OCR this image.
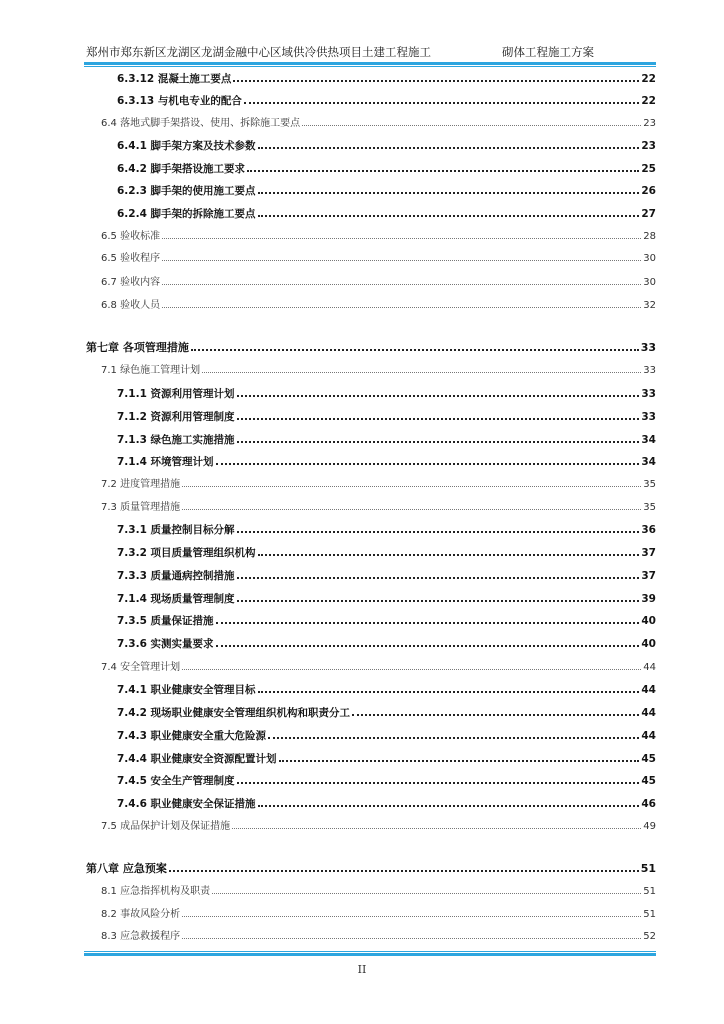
郑州市郑东新区龙湖区龙湖金融中心区域供冷供热项目土建工程施工	砌体工程施工方案
6.3.12 混凝土施工要点	22
6.3.13 与机电专业的配合	22
6.4 落地式脚手架搭设、使用、拆除施工要点	23
6.4.1 脚手架方案及技术参数	23
6.4.2 脚手架搭设施工要求	25
6.2.3 脚手架的使用施工要点	26
6.2.4 脚手架的拆除施工要点	27
6.5 验收标准	28
6.5 验收程序	30
6.7 验收内容	30
6.8 验收人员	32
第七章 各项管理措施	33
7.1 绿色施工管理计划	33
7.1.1 资源利用管理计划	33
7.1.2 资源利用管理制度	33
7.1.3 绿色施工实施措施	34
7.1.4 环境管理计划	34
7.2 进度管理措施	35
7.3 质量管理措施	35
7.3.1 质量控制目标分解	36
7.3.2 项目质量管理组织机构	37
7.3.3 质量通病控制措施	37
7.1.4 现场质量管理制度	39
7.3.5 质量保证措施	40
7.3.6 实测实量要求	40
7.4 安全管理计划	44
7.4.1 职业健康安全管理目标	44
7.4.2 现场职业健康安全管理组织机构和职责分工	44
7.4.3 职业健康安全重大危险源	44
7.4.4 职业健康安全资源配置计划	45
7.4.5 安全生产管理制度	45
7.4.6 职业健康安全保证措施	46
7.5 成品保护计划及保证措施	49
第八章 应急预案	51
8.1 应急指挥机构及职责	51
8.2 事故风险分析	51
8.3 应急救援程序	52
II
